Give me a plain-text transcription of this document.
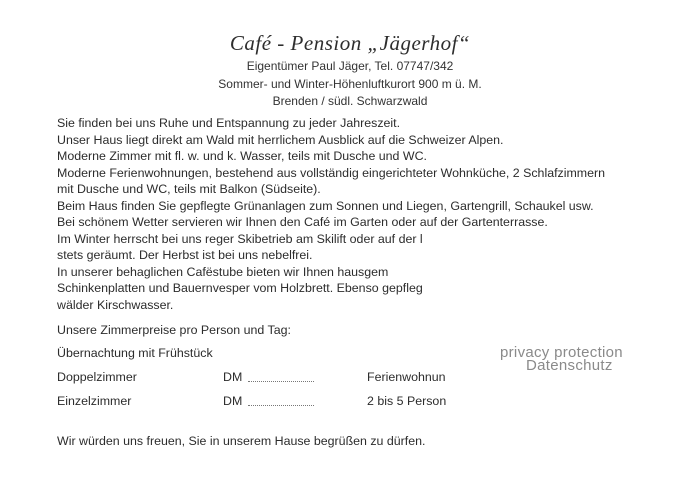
Café - Pension „Jägerhof“
Eigentümer Paul Jäger, Tel. 07747/342
Sommer- und Winter-Höhenluftkurort 900 m ü. M.
Brenden / südl. Schwarzwald
Sie finden bei uns Ruhe und Entspannung zu jeder Jahreszeit.
Unser Haus liegt direkt am Wald mit herrlichem Ausblick auf die Schweizer Alpen.
Moderne Zimmer mit fl. w. und k. Wasser, teils mit Dusche und WC.
Moderne Ferienwohnungen, bestehend aus vollständig eingerichteter Wohnküche, 2 Schlafzimmern
mit Dusche und WC, teils mit Balkon (Südseite).
Beim Haus finden Sie gepflegte Grünanlagen zum Sonnen und Liegen, Gartengrill, Schaukel usw.
Bei schönem Wetter servieren wir Ihnen den Café im Garten oder auf der Gartenterrasse.
Im Winter herrscht bei uns reger Skibetrieb am Skilift oder auf der l
stets geräumt. Der Herbst ist bei uns nebelfrei.
In unserer behaglichen Cafëstube bieten wir Ihnen hausgem
Schinkenplatten und Bauernvesper vom Holzbrett. Ebenso gepfleg
wälder Kirschwasser.
Unsere Zimmerpreise pro Person und Tag:
Übernachtung mit Frühstück
Doppelzimmer	DM	Ferienwohnun
Einzelzimmer	DM	2 bis 5 Person
Wir würden uns freuen, Sie in unserem Hause begrüßen zu dürfen.
privacy protection
Datenschutz
